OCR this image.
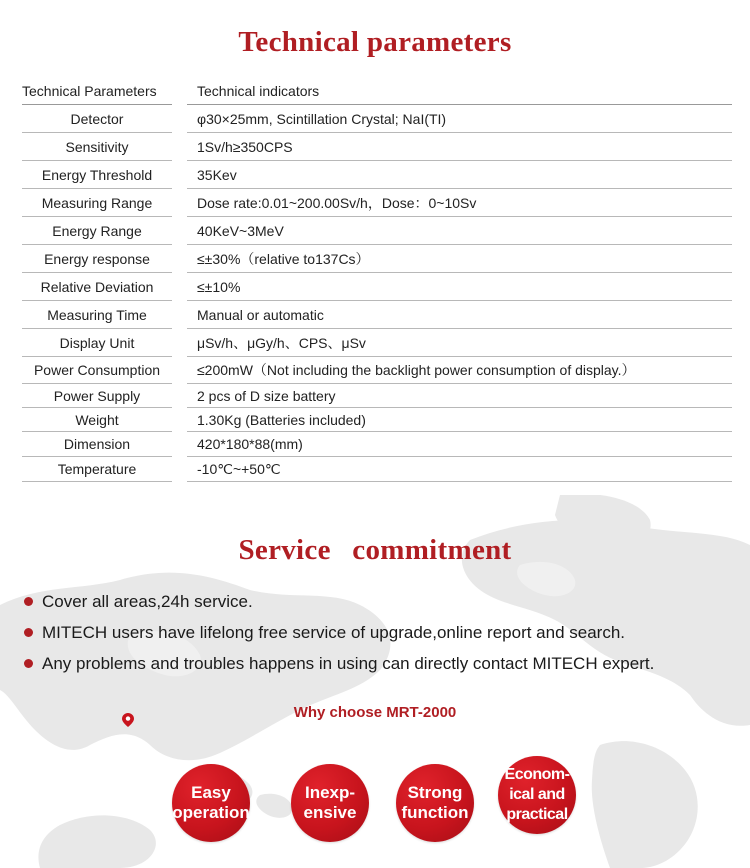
Technical parameters
Technical Parameters	Technical indicators
Detector	φ30×25mm, Scintillation Crystal; NaI(TI)
Sensitivity	1Sv/h≥350CPS
Energy Threshold	35Kev
Measuring Range	Dose rate:0.01~200.00Sv/h，Dose：0~10Sv
Energy Range	40KeV~3MeV
Energy response	≤±30%（relative to137Cs）
Relative Deviation	≤±10%
Measuring Time	Manual or automatic
Display Unit	μSv/h、μGy/h、CPS、μSv
Power Consumption	≤200mW（Not including the backlight power consumption of display.）
Power Supply	2 pcs of D size battery
Weight	1.30Kg (Batteries included)
Dimension	420*180*88(mm)
Temperature	-10℃~+50℃
Service commitment
Cover all areas,24h service.
MITECH users have lifelong free service of upgrade,online report and search.
Any problems and troubles happens in using can directly contact MITECH expert.
Why choose MRT-2000
Easy
operation
Inexp-
ensive
Strong
function
Econom-
ical and
practical
